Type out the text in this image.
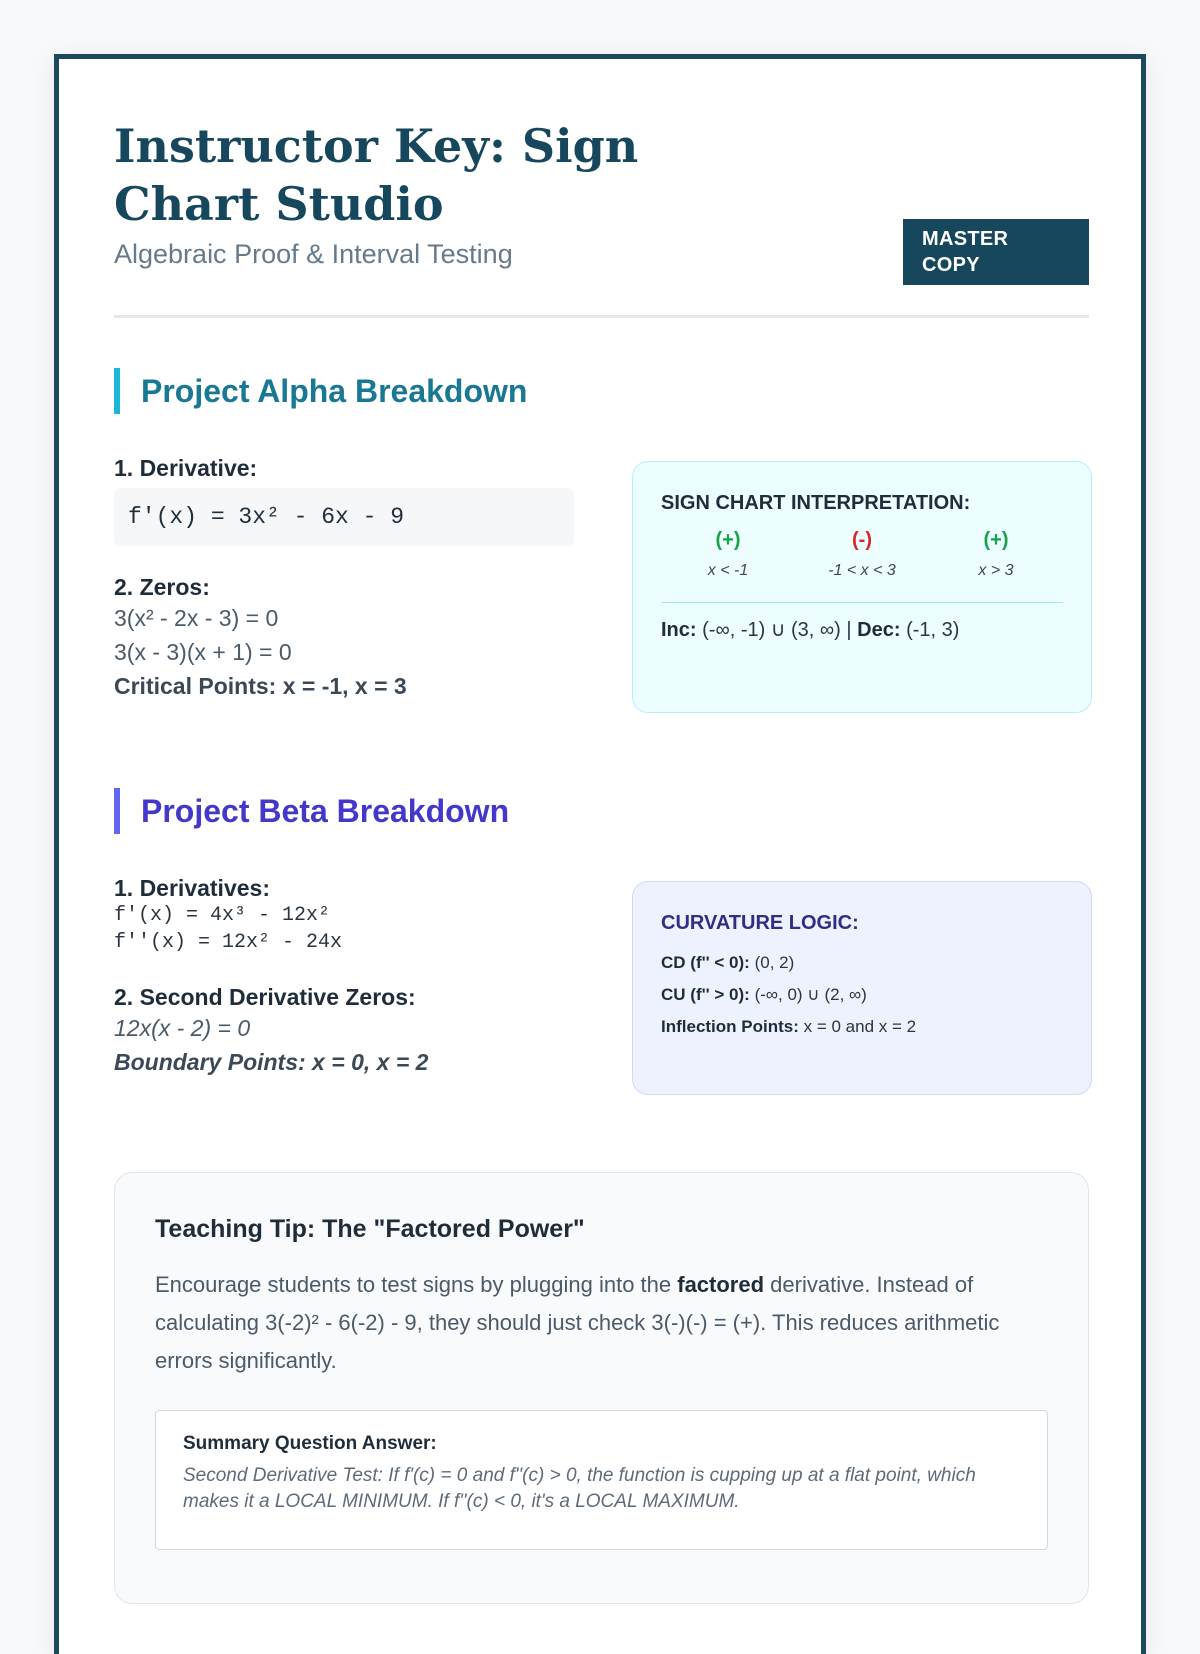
Instructor Key: Sign Chart Studio
Algebraic Proof & Interval Testing	MASTER COPY
Project Alpha Breakdown
1. Derivative:
f'(x) = 3x² - 6x - 9
2. Zeros:
3(x² - 2x - 3) = 0
3(x - 3)(x + 1) = 0
Critical Points: x = -1, x = 3
SIGN CHART INTERPRETATION:
(+)
x < -1
(-)
-1 < x < 3
(+)
x > 3
Inc: (-∞, -1) ∪ (3, ∞) | Dec: (-1, 3)
Project Beta Breakdown
1. Derivatives:
f'(x) = 4x³ - 12x²
f''(x) = 12x² - 24x
2. Second Derivative Zeros:
12x(x - 2) = 0
Boundary Points: x = 0, x = 2
CURVATURE LOGIC:
CD (f'' < 0): (0, 2)
CU (f'' > 0): (-∞, 0) ∪ (2, ∞)
Inflection Points: x = 0 and x = 2
Teaching Tip: The "Factored Power"
Encourage students to test signs by plugging into the factored derivative. Instead of calculating 3(-2)² - 6(-2) - 9, they should just check 3(-)(-) = (+). This reduces arithmetic errors significantly.
Summary Question Answer:
Second Derivative Test: If f'(c) = 0 and f''(c) > 0, the function is cupping up at a flat point, which makes it a LOCAL MINIMUM. If f''(c) < 0, it's a LOCAL MAXIMUM.
